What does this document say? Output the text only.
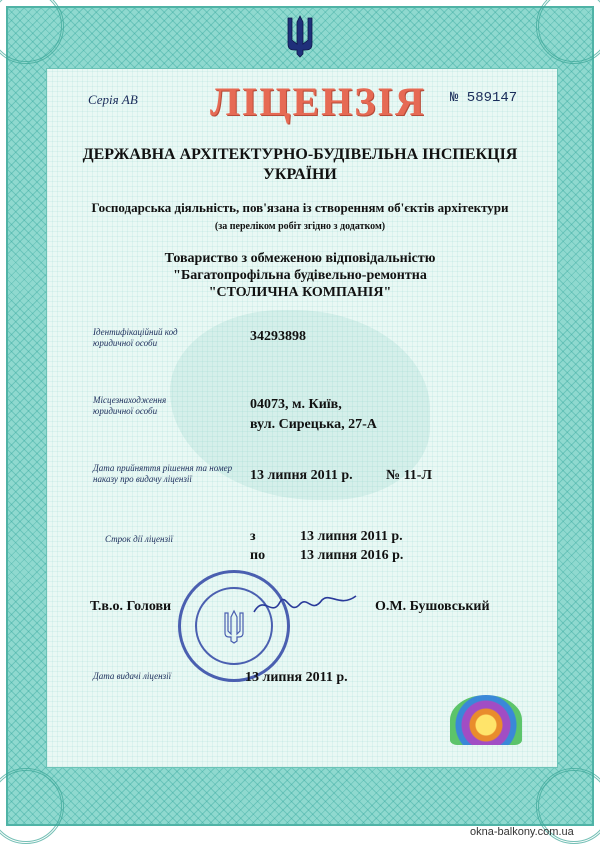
Серія АВ ЛІЦЕНЗІЯ № 589147
ДЕРЖАВНА АРХІТЕКТУРНО-БУДІВЕЛЬНА ІНСПЕКЦІЯ
УКРАЇНИ
Господарська діяльність, пов'язана із створенням об'єктів архітектури
(за переліком робіт згідно з додатком)
Товариство з обмеженою відповідальністю
"Багатопрофільна будівельно-ремонтна
"СТОЛИЧНА КОМПАНІЯ"
Ідентифікаційний код
юридичної особи	34293898
Місцезнаходження
юридичної особи	04073, м. Київ,
вул. Сирецька, 27-А
Дата прийняття рішення та номер
наказу про видачу ліцензії	13 липня 2011 р. № 11-Л
Строк дії ліцензії	з	13 липня 2011 р.
по 13 липня 2016 р.
Т.в.о. Голови	О.М. Бушовський
Дата видачі ліцензії	13 липня 2011 р.
okna-balkony.com.ua
